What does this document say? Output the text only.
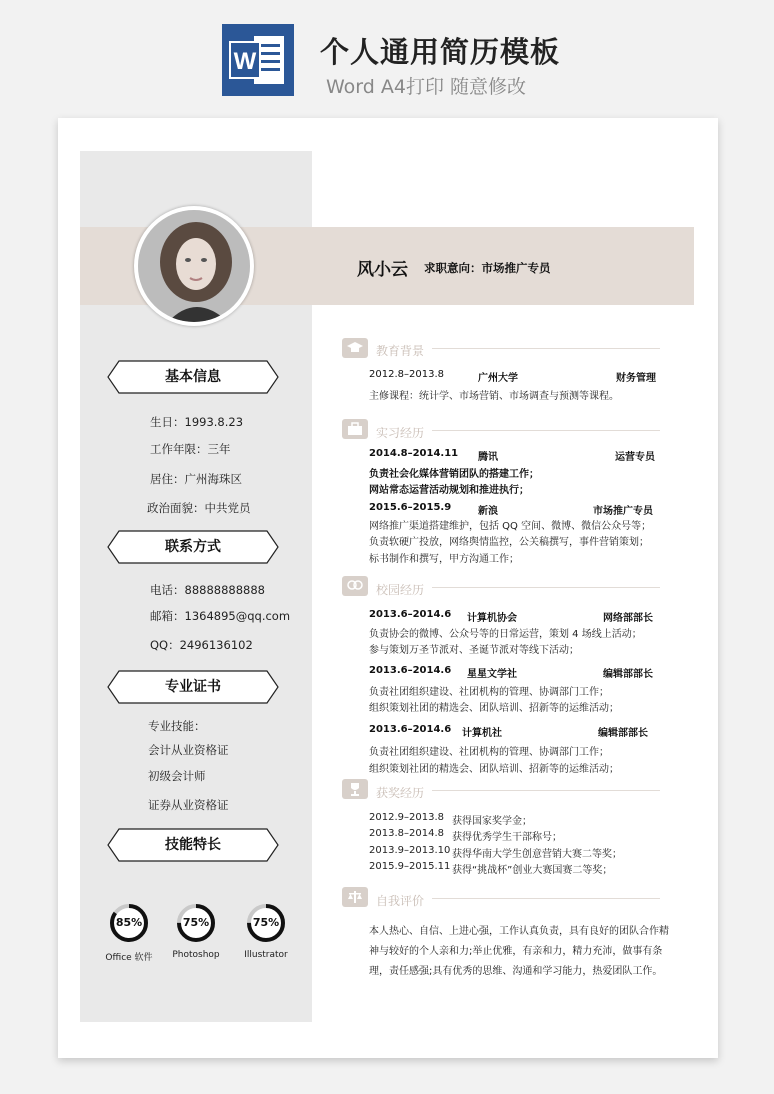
W 个人通用简历模板
Word A4打印 随意修改
风小云 求职意向：市场推广专员
基本信息
生日：1993.8.23
工作年限：三年
居住：广州海珠区
政治面貌：中共党员
联系方式
电话：88888888888
邮箱：1364895@qq.com
QQ：2496136102
专业证书
专业技能：
会计从业资格证
初级会计师
证券从业资格证
技能特长
85%
Office 软件
75%
Photoshop
75%
Illustrator
教育背景
2012.8–2013.8	广州大学	财务管理
主修课程：统计学、市场营销、市场调查与预测等课程。
实习经历
2014.8–2014.11 腾讯	运营专员
负责社会化媒体营销团队的搭建工作；
网站常态运营活动规划和推进执行；
2015.6–2015.9	新浪	市场推广专员
网络推广渠道搭建维护，包括 QQ 空间、微博、微信公众号等；
负责软硬广投放，网络舆情监控，公关稿撰写，事件营销策划；
标书制作和撰写，甲方沟通工作；
校园经历
2013.6–2014.6 计算机协会	网络部部长
负责协会的微博、公众号等的日常运营，策划 4 场线上活动；
参与策划万圣节派对、圣诞节派对等线下活动；
2013.6–2014.6 星星文学社	编辑部部长
负责社团组织建设、社团机构的管理、协调部门工作；
组织策划社团的精选会、团队培训、招新等的运维活动；
2013.6–2014.6 计算机社	编辑部部长
负责社团组织建设、社团机构的管理、协调部门工作；
组织策划社团的精选会、团队培训、招新等的运维活动；
获奖经历
2012.9–2013.8 获得国家奖学金；
2013.8–2014.8 获得优秀学生干部称号；
2013.9–2013.10 获得华南大学生创意营销大赛二等奖；
2015.9–2015.11 获得“挑战杯”创业大赛国赛二等奖；
自我评价
本人热心、自信、上进心强，工作认真负责，具有良好的团队合作精神与较好的个人亲和力;举止优雅，有亲和力，精力充沛，做事有条理，责任感强;具有优秀的思维、沟通和学习能力，热爱团队工作。
